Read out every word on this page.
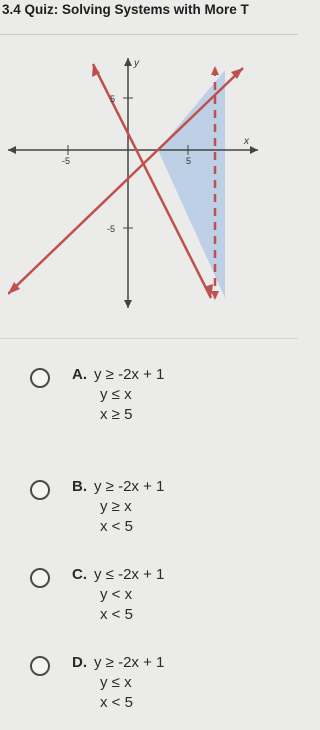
3.4 Quiz: Solving Systems with More T
y
x
5
-5
-5	5
A. y ≥ -2x + 1
y ≤ x
x ≥ 5
B. y ≥ -2x + 1
y ≥ x
x < 5
C. y ≤ -2x + 1
y < x
x < 5
D. y ≥ -2x + 1
y ≤ x
x < 5
